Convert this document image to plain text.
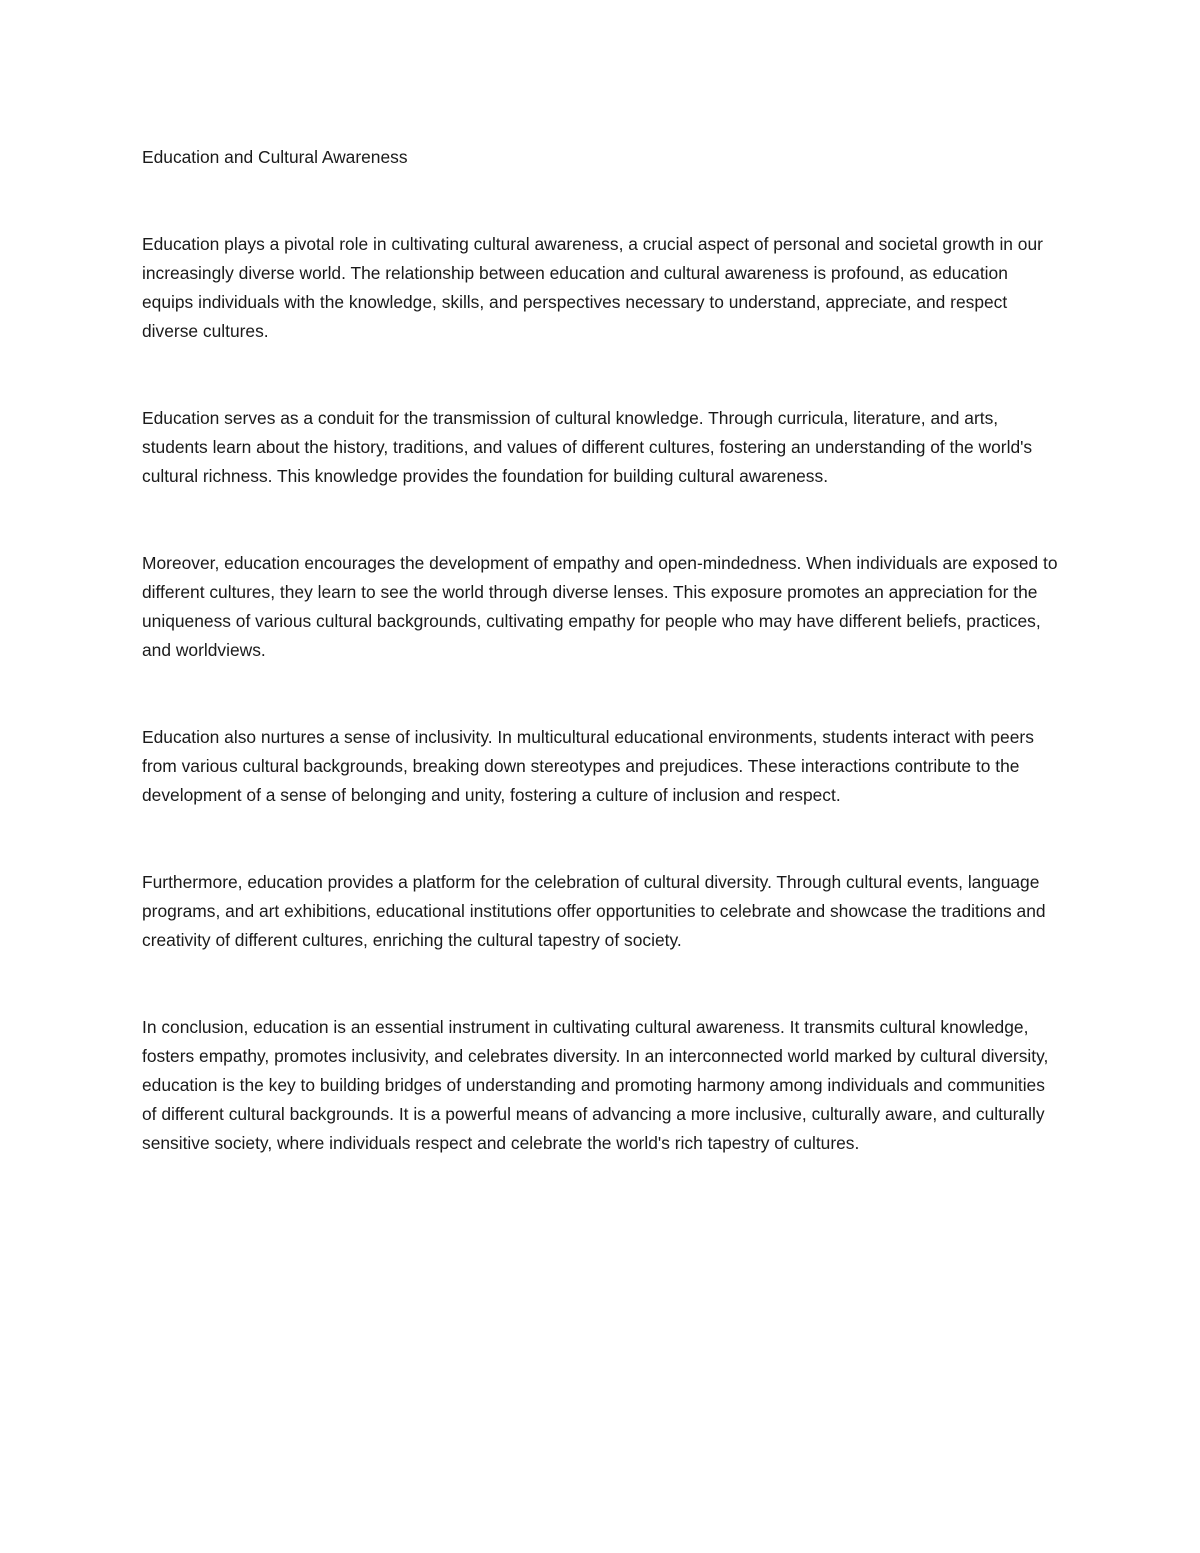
Education and Cultural Awareness

Education plays a pivotal role in cultivating cultural awareness, a crucial aspect of personal and societal growth in our increasingly diverse world. The relationship between education and cultural awareness is profound, as education equips individuals with the knowledge, skills, and perspectives necessary to understand, appreciate, and respect diverse cultures.

Education serves as a conduit for the transmission of cultural knowledge. Through curricula, literature, and arts, students learn about the history, traditions, and values of different cultures, fostering an understanding of the world's cultural richness. This knowledge provides the foundation for building cultural awareness.

Moreover, education encourages the development of empathy and open-mindedness. When individuals are exposed to different cultures, they learn to see the world through diverse lenses. This exposure promotes an appreciation for the uniqueness of various cultural backgrounds, cultivating empathy for people who may have different beliefs, practices, and worldviews.

Education also nurtures a sense of inclusivity. In multicultural educational environments, students interact with peers from various cultural backgrounds, breaking down stereotypes and prejudices. These interactions contribute to the development of a sense of belonging and unity, fostering a culture of inclusion and respect.

Furthermore, education provides a platform for the celebration of cultural diversity. Through cultural events, language programs, and art exhibitions, educational institutions offer opportunities to celebrate and showcase the traditions and creativity of different cultures, enriching the cultural tapestry of society.

In conclusion, education is an essential instrument in cultivating cultural awareness. It transmits cultural knowledge, fosters empathy, promotes inclusivity, and celebrates diversity. In an interconnected world marked by cultural diversity, education is the key to building bridges of understanding and promoting harmony among individuals and communities of different cultural backgrounds. It is a powerful means of advancing a more inclusive, culturally aware, and culturally sensitive society, where individuals respect and celebrate the world's rich tapestry of cultures.
